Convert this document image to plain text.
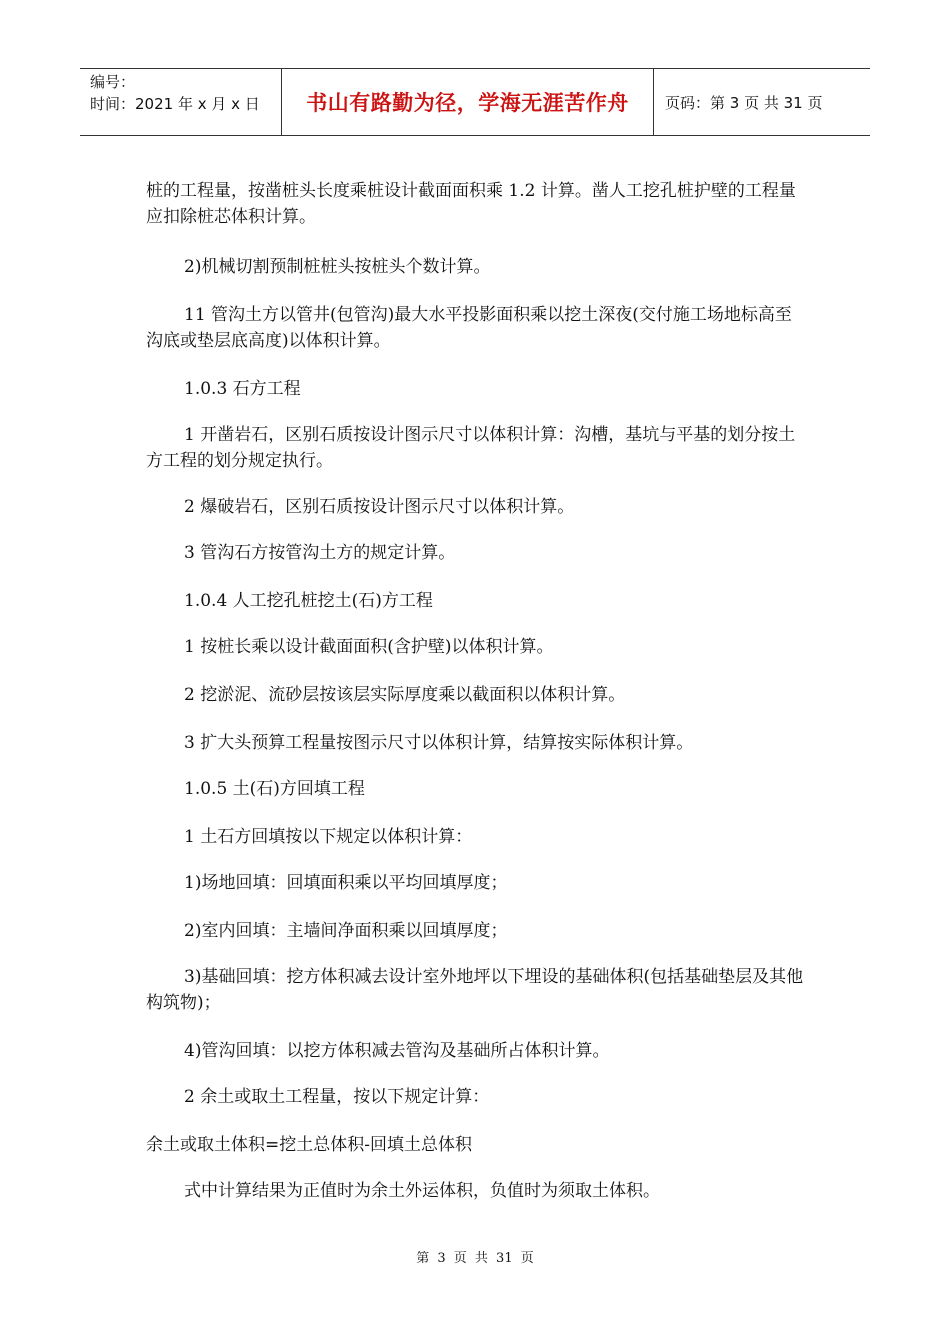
编号：
时间：2021 年 x 月 x 日	书山有路勤为径，学海无涯苦作舟 页码：第 3 页 共 31 页

桩的工程量，按凿桩头长度乘桩设计截面面积乘 1.2 计算。凿人工挖孔桩护壁的工程量应扣除桩芯体积计算。

2)机械切割预制桩桩头按桩头个数计算。

11 管沟土方以管井(包管沟)最大水平投影面积乘以挖土深夜(交付施工场地标高至沟底或垫层底高度)以体积计算。

1.0.3 石方工程

1 开凿岩石，区别石质按设计图示尺寸以体积计算：沟槽，基坑与平基的划分按土方工程的划分规定执行。

2 爆破岩石，区别石质按设计图示尺寸以体积计算。

3 管沟石方按管沟土方的规定计算。

1.0.4 人工挖孔桩挖土(石)方工程

1 按桩长乘以设计截面面积(含护壁)以体积计算。

2 挖淤泥、流砂层按该层实际厚度乘以截面积以体积计算。

3 扩大头预算工程量按图示尺寸以体积计算，结算按实际体积计算。

1.0.5 土(石)方回填工程

1 土石方回填按以下规定以体积计算：

1)场地回填：回填面积乘以平均回填厚度；

2)室内回填：主墙间净面积乘以回填厚度；

3)基础回填：挖方体积减去设计室外地坪以下埋设的基础体积(包括基础垫层及其他构筑物)；

4)管沟回填：以挖方体积减去管沟及基础所占体积计算。

2 余土或取土工程量，按以下规定计算：

余土或取土体积=挖土总体积-回填土总体积

式中计算结果为正值时为余土外运体积，负值时为须取土体积。

第 3 页 共 31 页
